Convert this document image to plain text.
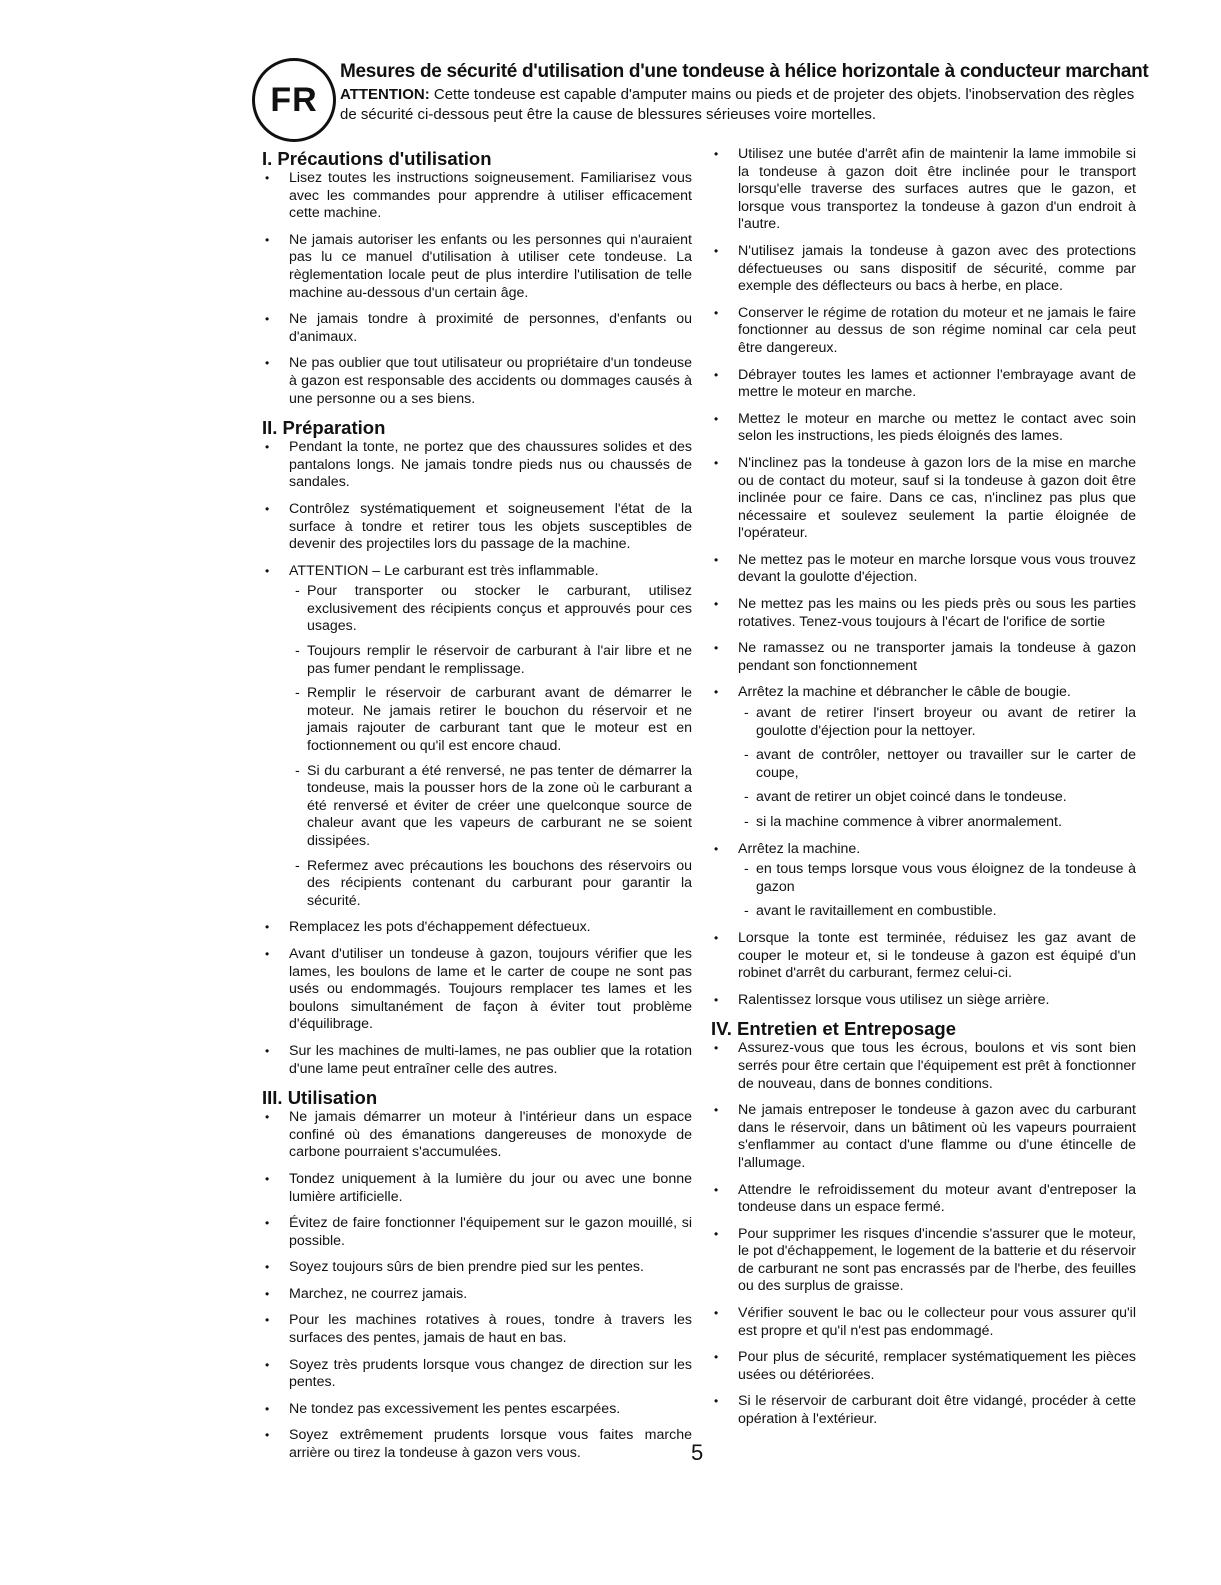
FR
Mesures de sécurité d'utilisation d'une tondeuse à hélice horizontale à conducteur marchant
ATTENTION: Cette tondeuse est capable d'amputer mains ou pieds et de projeter des objets. l'inobservation des règles de sécurité ci-dessous peut être la cause de blessures sérieuses voire mortelles.
I. Précautions d'utilisation
• Lisez toutes les instructions soigneusement. Familiarisez vous avec les commandes pour apprendre à utiliser efficacement cette machine.
• Ne jamais autoriser les enfants ou les personnes qui n'auraient pas lu ce manuel d'utilisation à utiliser cete tondeuse. La règlementation locale peut de plus interdire l'utilisation de telle machine au-dessous d'un certain âge.
• Ne jamais tondre à proximité de personnes, d'enfants ou d'animaux.
• Ne pas oublier que tout utilisateur ou propriétaire d'un tondeuse à gazon est responsable des accidents ou dommages causés à une personne ou a ses biens.
II. Préparation
• Pendant la tonte, ne portez que des chaussures solides et des pantalons longs. Ne jamais tondre pieds nus ou chaussés de sandales.
• Contrôlez systématiquement et soigneusement l'état de la surface à tondre et retirer tous les objets susceptibles de devenir des projectiles lors du passage de la machine.
• ATTENTION – Le carburant est très inflammable.
- Pour transporter ou stocker le carburant, utilisez exclusivement des récipients conçus et approuvés pour ces usages.
- Toujours remplir le réservoir de carburant à l'air libre et ne pas fumer pendant le remplissage.
- Remplir le réservoir de carburant avant de démarrer le moteur. Ne jamais retirer le bouchon du réservoir et ne jamais rajouter de carburant tant que le moteur est en foctionnement ou qu'il est encore chaud.
- Si du carburant a été renversé, ne pas tenter de démarrer la tondeuse, mais la pousser hors de la zone où le carburant a été renversé et éviter de créer une quelconque source de chaleur avant que les vapeurs de carburant ne se soient dissipées.
- Refermez avec précautions les bouchons des réservoirs ou des récipients contenant du carburant pour garantir la sécurité.
• Remplacez les pots d'échappement défectueux.
• Avant d'utiliser un tondeuse à gazon, toujours vérifier que les lames, les boulons de lame et le carter de coupe ne sont pas usés ou endommagés. Toujours remplacer tes lames et les boulons simultanément de façon à éviter tout problème d'équilibrage.
• Sur les machines de multi-lames, ne pas oublier que la rotation d'une lame peut entraîner celle des autres.
III. Utilisation
• Ne jamais démarrer un moteur à l'intérieur dans un espace confiné où des émanations dangereuses de monoxyde de carbone pourraient s'accumulées.
• Tondez uniquement à la lumière du jour ou avec une bonne lumière artificielle.
• Évitez de faire fonctionner l'équipement sur le gazon mouillé, si possible.
• Soyez toujours sûrs de bien prendre pied sur les pentes.
• Marchez, ne courrez jamais.
• Pour les machines rotatives à roues, tondre à travers les surfaces des pentes, jamais de haut en bas.
• Soyez très prudents lorsque vous changez de direction sur les pentes.
• Ne tondez pas excessivement les pentes escarpées.
• Soyez extrêmement prudents lorsque vous faites marche arrière ou tirez la tondeuse à gazon vers vous.	5
• Utilisez une butée d'arrêt afin de maintenir la lame immobile si la tondeuse à gazon doit être inclinée pour le transport lorsqu'elle traverse des surfaces autres que le gazon, et lorsque vous transportez la tondeuse à gazon d'un endroit à l'autre.
• N'utilisez jamais la tondeuse à gazon avec des protections défectueuses ou sans dispositif de sécurité, comme par exemple des déflecteurs ou bacs à herbe, en place.
• Conserver le régime de rotation du moteur et ne jamais le faire fonctionner au dessus de son régime nominal car cela peut être dangereux.
• Débrayer toutes les lames et actionner l'embrayage avant de mettre le moteur en marche.
• Mettez le moteur en marche ou mettez le contact avec soin selon les instructions, les pieds éloignés des lames.
• N'inclinez pas la tondeuse à gazon lors de la mise en marche ou de contact du moteur, sauf si la tondeuse à gazon doit être inclinée pour ce faire. Dans ce cas, n'inclinez pas plus que nécessaire et soulevez seulement la partie éloignée de l'opérateur.
• Ne mettez pas le moteur en marche lorsque vous vous trouvez devant la goulotte d'éjection.
• Ne mettez pas les mains ou les pieds près ou sous les parties rotatives. Tenez-vous toujours à l'écart de l'orifice de sortie
• Ne ramassez ou ne transporter jamais la tondeuse à gazon pendant son fonctionnement
• Arrêtez la machine et débrancher le câble de bougie.
- avant de retirer l'insert broyeur ou avant de retirer la goulotte d'éjection pour la nettoyer.
- avant de contrôler, nettoyer ou travailler sur le carter de coupe,
- avant de retirer un objet coincé dans le tondeuse.
- si la machine commence à vibrer anormalement.
• Arrêtez la machine.
- en tous temps lorsque vous vous éloignez de la tondeuse à gazon
- avant le ravitaillement en combustible.
• Lorsque la tonte est terminée, réduisez les gaz avant de couper le moteur et, si le tondeuse à gazon est équipé d'un robinet d'arrêt du carburant, fermez celui-ci.
• Ralentissez lorsque vous utilisez un siège arrière.
IV. Entretien et Entreposage
• Assurez-vous que tous les écrous, boulons et vis sont bien serrés pour être certain que l'équipement est prêt à fonctionner de nouveau, dans de bonnes conditions.
• Ne jamais entreposer le tondeuse à gazon avec du carburant dans le réservoir, dans un bâtiment où les vapeurs pourraient s'enflammer au contact d'une flamme ou d'une étincelle de l'allumage.
• Attendre le refroidissement du moteur avant d'entreposer la tondeuse dans un espace fermé.
• Pour supprimer les risques d'incendie s'assurer que le moteur, le pot d'échappement, le logement de la batterie et du réservoir de carburant ne sont pas encrassés par de l'herbe, des feuilles ou des surplus de graisse.
• Vérifier souvent le bac ou le collecteur pour vous assurer qu'il est propre et qu'il n'est pas endommagé.
• Pour plus de sécurité, remplacer systématiquement les pièces usées ou détériorées.
• Si le réservoir de carburant doit être vidangé, procéder à cette opération à l'extérieur.
